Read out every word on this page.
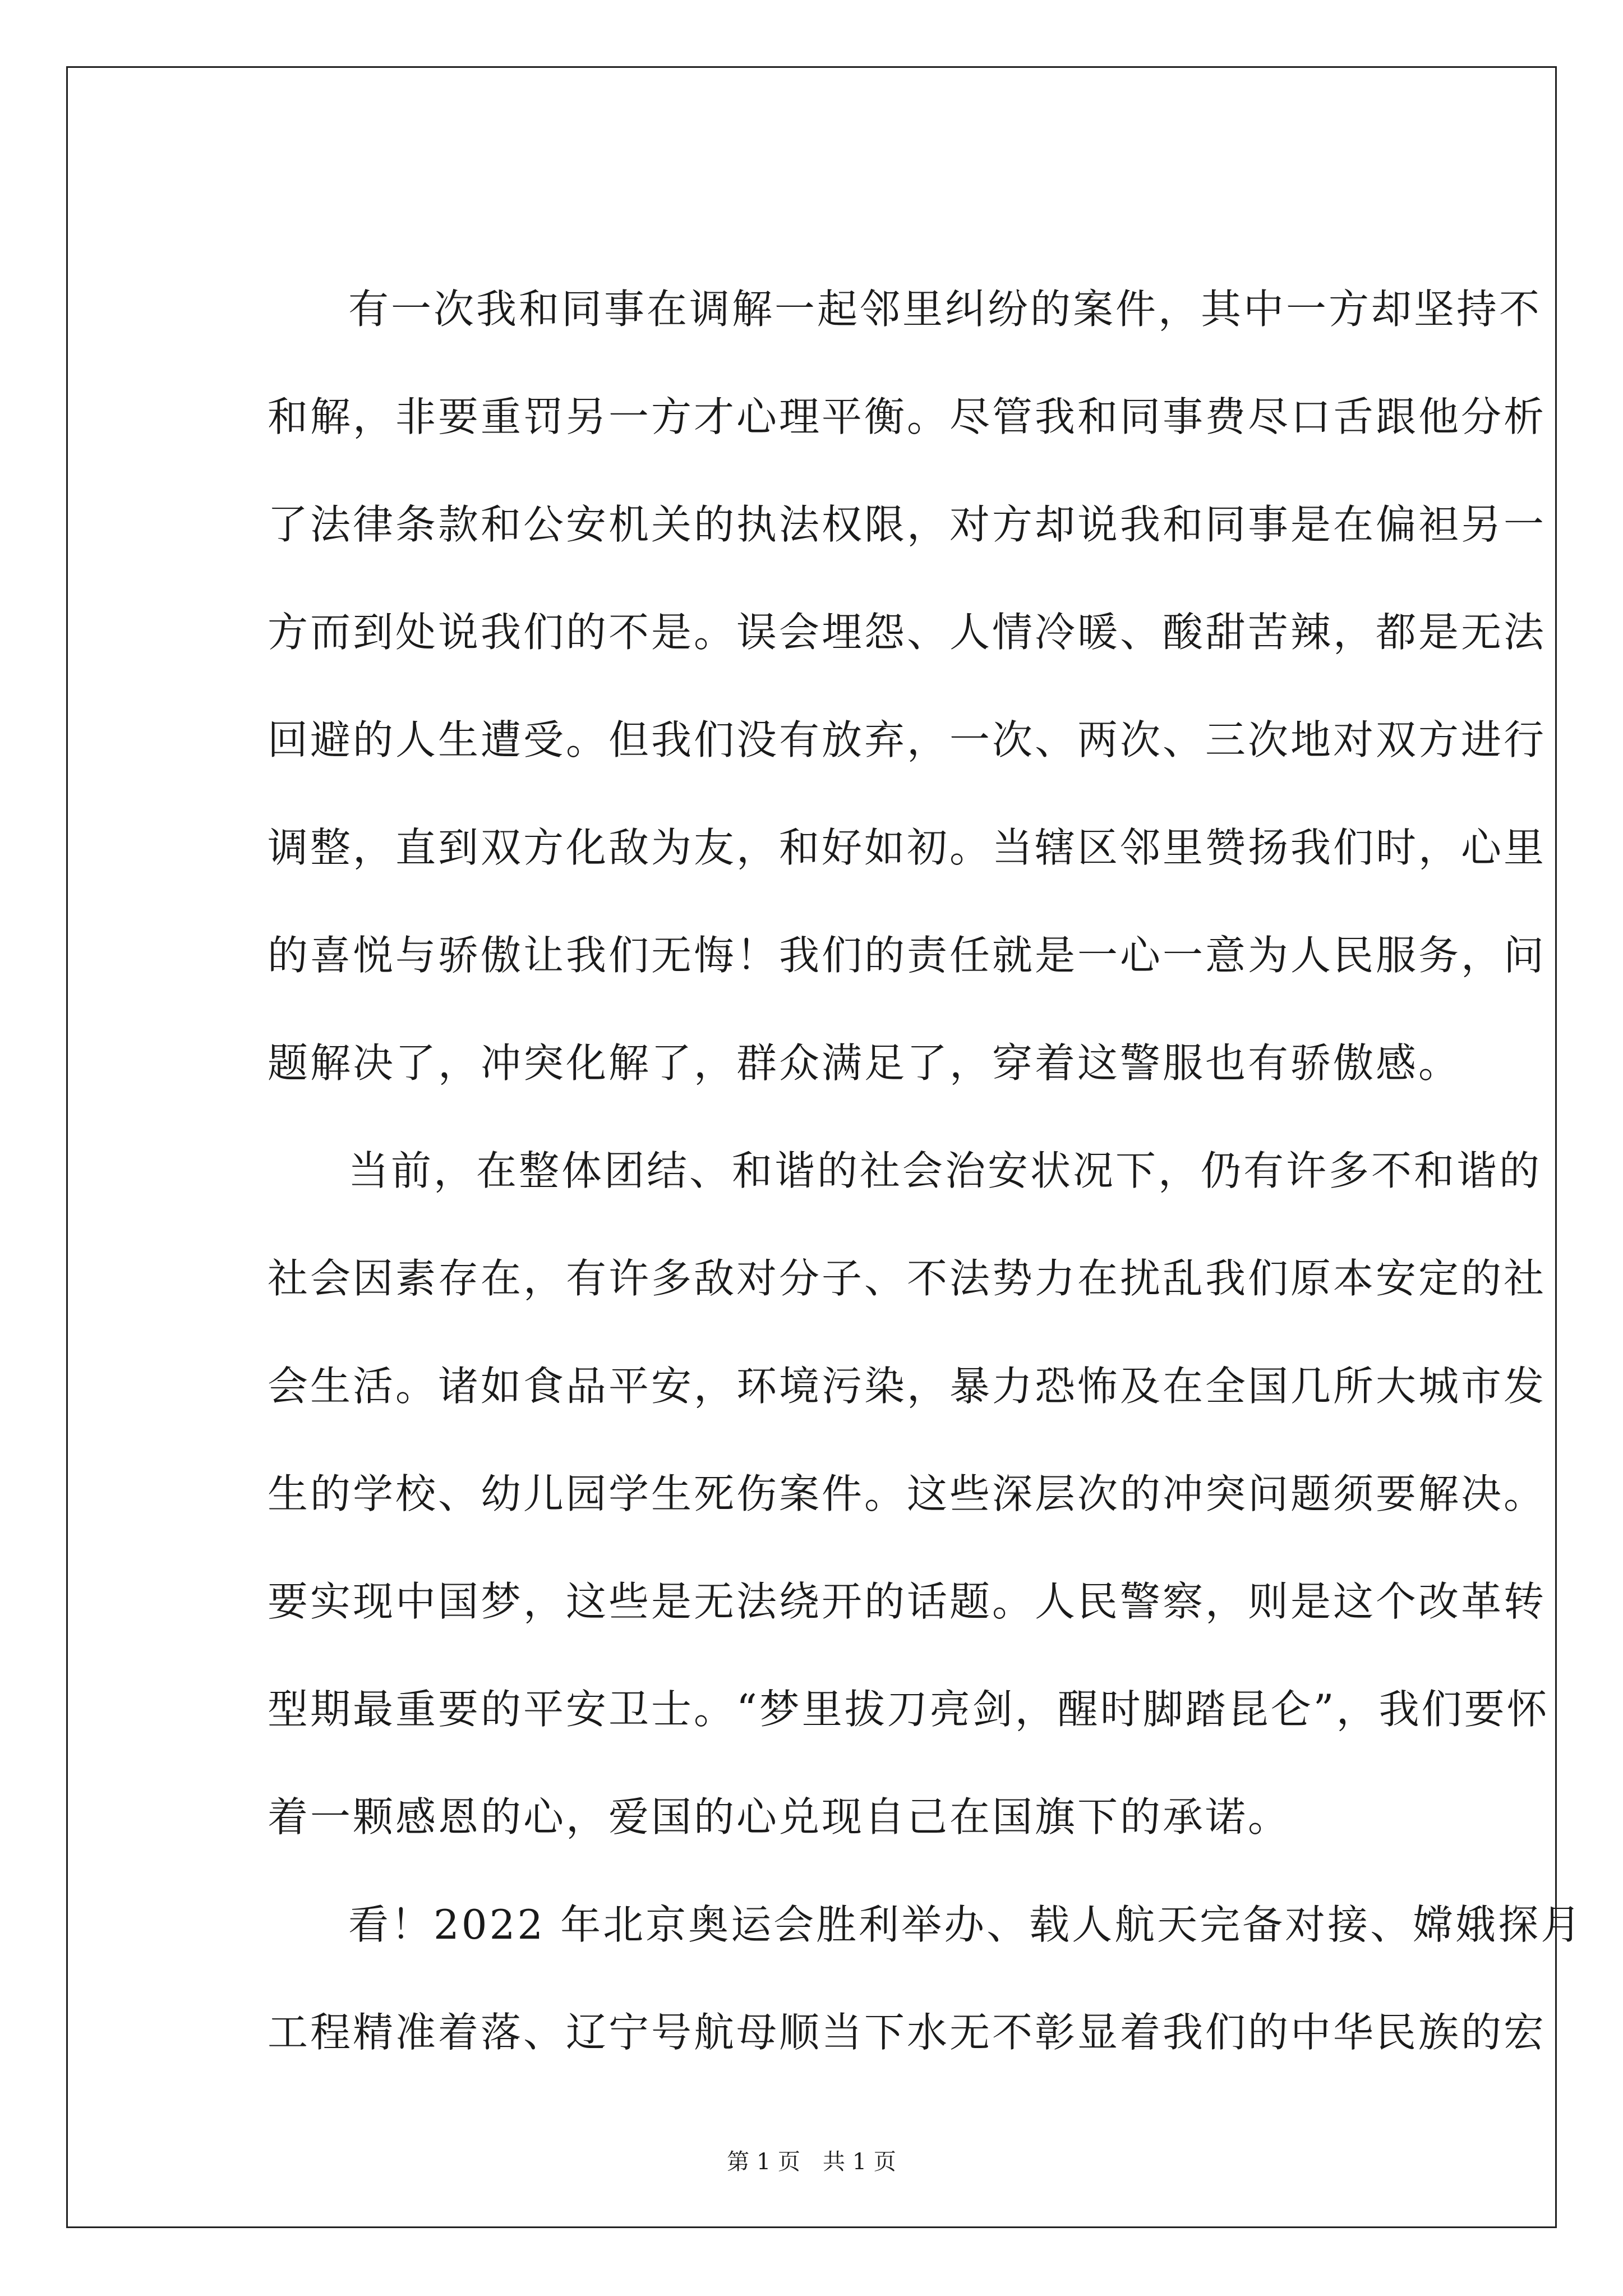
有一次我和同事在调解一起邻里纠纷的案件，其中一方却坚持不
和解，非要重罚另一方才心理平衡。尽管我和同事费尽口舌跟他分析
了法律条款和公安机关的执法权限，对方却说我和同事是在偏袒另一
方而到处说我们的不是。误会埋怨、人情冷暖、酸甜苦辣，都是无法
回避的人生遭受。但我们没有放弃，一次、两次、三次地对双方进行
调整，直到双方化敌为友，和好如初。当辖区邻里赞扬我们时，心里
的喜悦与骄傲让我们无悔！我们的责任就是一心一意为人民服务，问
题解决了，冲突化解了，群众满足了，穿着这警服也有骄傲感。
当前，在整体团结、和谐的社会治安状况下，仍有许多不和谐的
社会因素存在，有许多敌对分子、不法势力在扰乱我们原本安定的社
会生活。诸如食品平安，环境污染，暴力恐怖及在全国几所大城市发
生的学校、幼儿园学生死伤案件。这些深层次的冲突问题须要解决。
要实现中国梦，这些是无法绕开的话题。人民警察，则是这个改革转
型期最重要的平安卫士。“梦里拔刀亮剑，醒时脚踏昆仑”，我们要怀
着一颗感恩的心，爱国的心兑现自己在国旗下的承诺。
看！2022 年北京奥运会胜利举办、载人航天完备对接、嫦娥探月
工程精准着落、辽宁号航母顺当下水无不彰显着我们的中华民族的宏
第 1 页　共 1 页
